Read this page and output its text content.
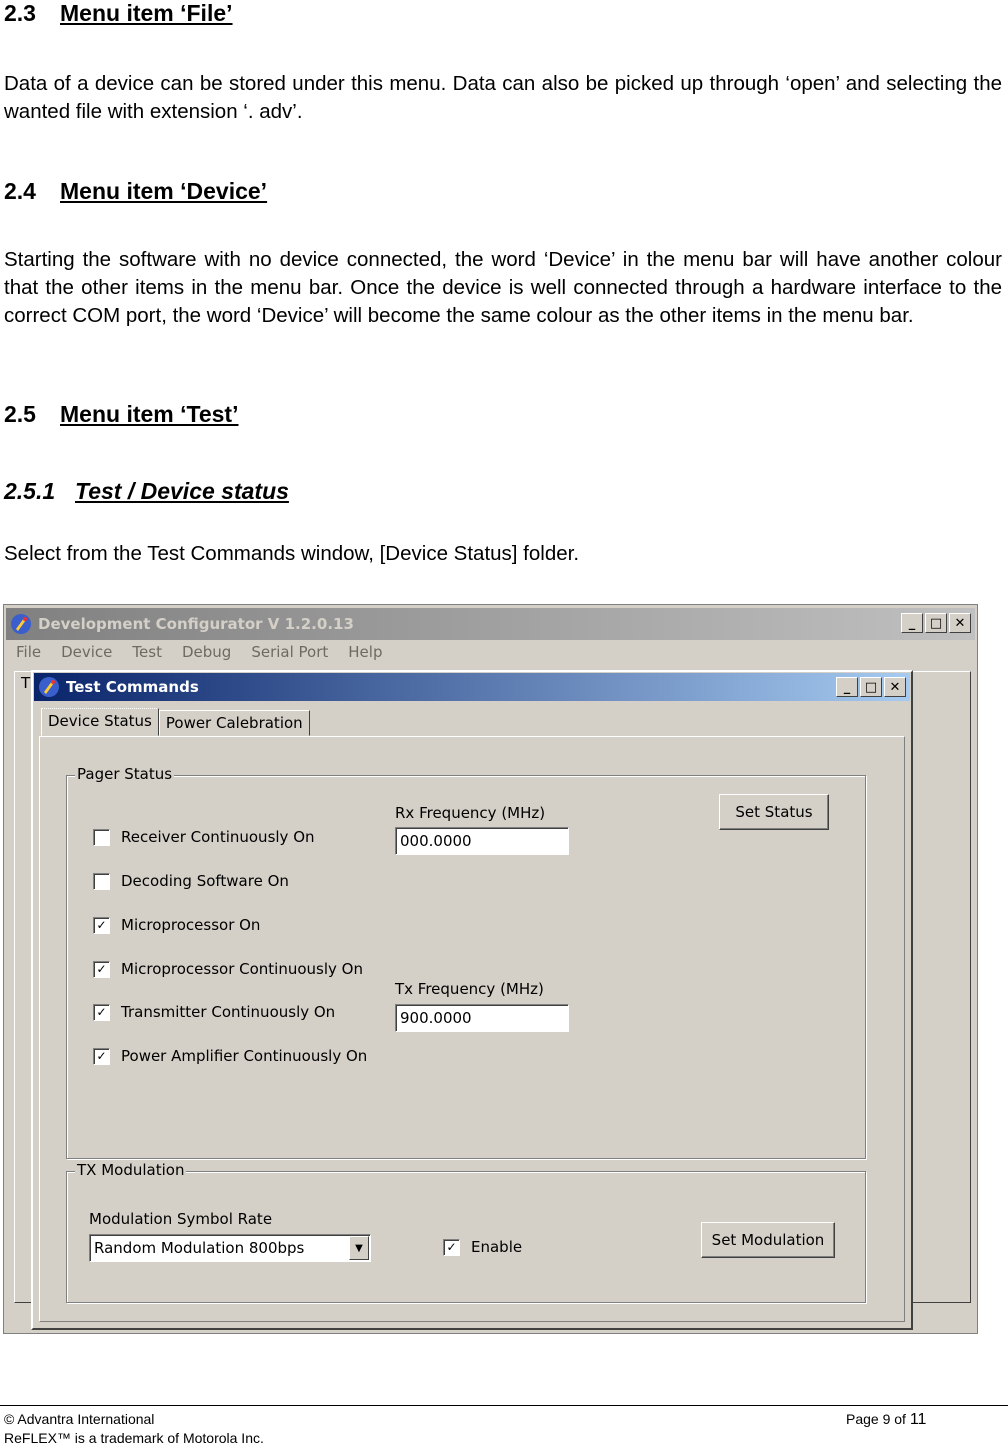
2.3 Menu item ‘File’

Data of a device can be stored under this menu. Data can also be picked up through ‘open’ and selecting the wanted file with extension ‘. adv’.

2.4 Menu item ‘Device’

Starting the software with no device connected, the word ‘Device’ in the menu bar will have another colour that the other items in the menu bar. Once the device is well connected through a hardware interface to the correct COM port, the word ‘Device’ will become the same colour as the other items in the menu bar.

2.5 Menu item ‘Test’
2.5.1 Test / Device status

Select from the Test Commands window, [Device Status] folder.

Development Configurator V 1.2.0.13	_	□ ✕
File	Device	Test	Debug	Serial Port	Help
T Test Commands	_	□ ✕
Device Status Power Calebration
Pager Status
Receiver Continuously On
Decoding Software On
✓ Microprocessor On
✓ Microprocessor Continuously On
✓ Transmitter Continuously On
✓ Power Amplifier Continuously On
Rx Frequency (MHz)
000.0000
Tx Frequency (MHz)
900.0000
Set Status
TX Modulation
Modulation Symbol Rate
Random Modulation 800bps	▼	✓ Enable	Set Modulation
© Advantra International
ReFLEX™ is a trademark of Motorola Inc.
Page 9 of 11
